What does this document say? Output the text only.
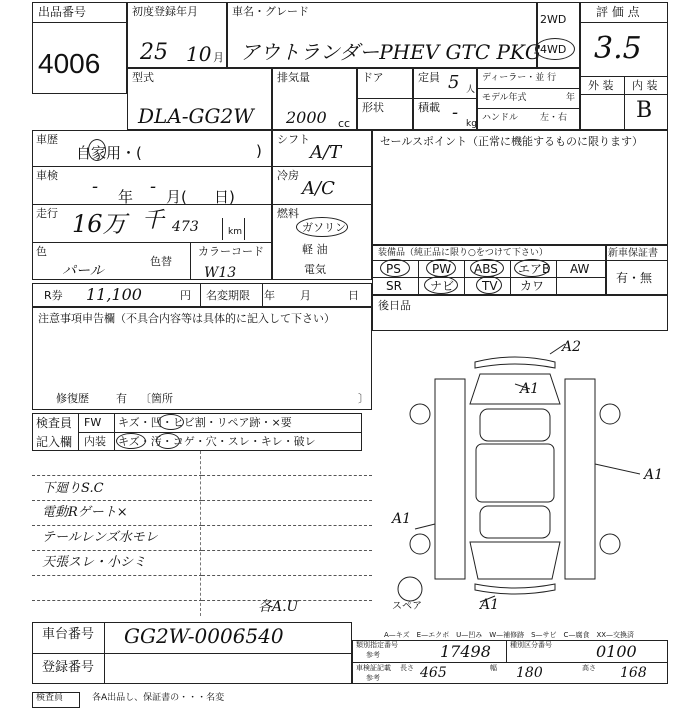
出品番号
4006
初度登録年月
25 10 月
車名・グレード
アウトランダーPHEV GTC PKG
2WD
4WD
評 価 点
3.5
外 装 内 装
B
型式
DLA-GG2W
排気量
2000 cc
ドア
形状
定員 5 人
積載 -
kg
ディーラー・並 行
モデル年式	年
ハンドル 左・右
車歴
自家用・(	)
車検
- 年 - 月( 日)
走行 16万 千 473	km
色
パール
色替
カラーコード
W13
シフト
A/T
冷房
A/C
燃料
ガソリン
軽 油
電気
セールスポイント（正常に機能するものに限ります）
装備品（純正品に限り○をつけて下さい）
PS	PW ABS エアB AW
SR ナビ TV カワ
新車保証書
有・無
R券 11,100	円 名変期限 年 月	日
注意事項申告欄（不具合内容等は具体的に記入して下さい）
修復歴 有 〔箇所	〕
後日品
検査員
記入欄
FW キズ・凹・ヒビ割・リペア跡・×要
内装 キズ・汚・コゲ・穴・スレ・キレ・破レ
下廻りS.C
電動Rゲート×
テールレンズ水モレ
天張スレ・小シミ
A2
A1
A1
A1
A1
各A.U	スペア
車台番号 GG2W-0006540
登録番号
A—キズ　E—エクボ　U—凹み　W—補修跡　S—サビ　C—腐食　XX—交換済
類別指定番号
参考	17498	種別区分番号	0100
車検証記載
参考
長さ 465	幅 180	高さ 168
検査員	各A出品し、保証書の・・・名変
